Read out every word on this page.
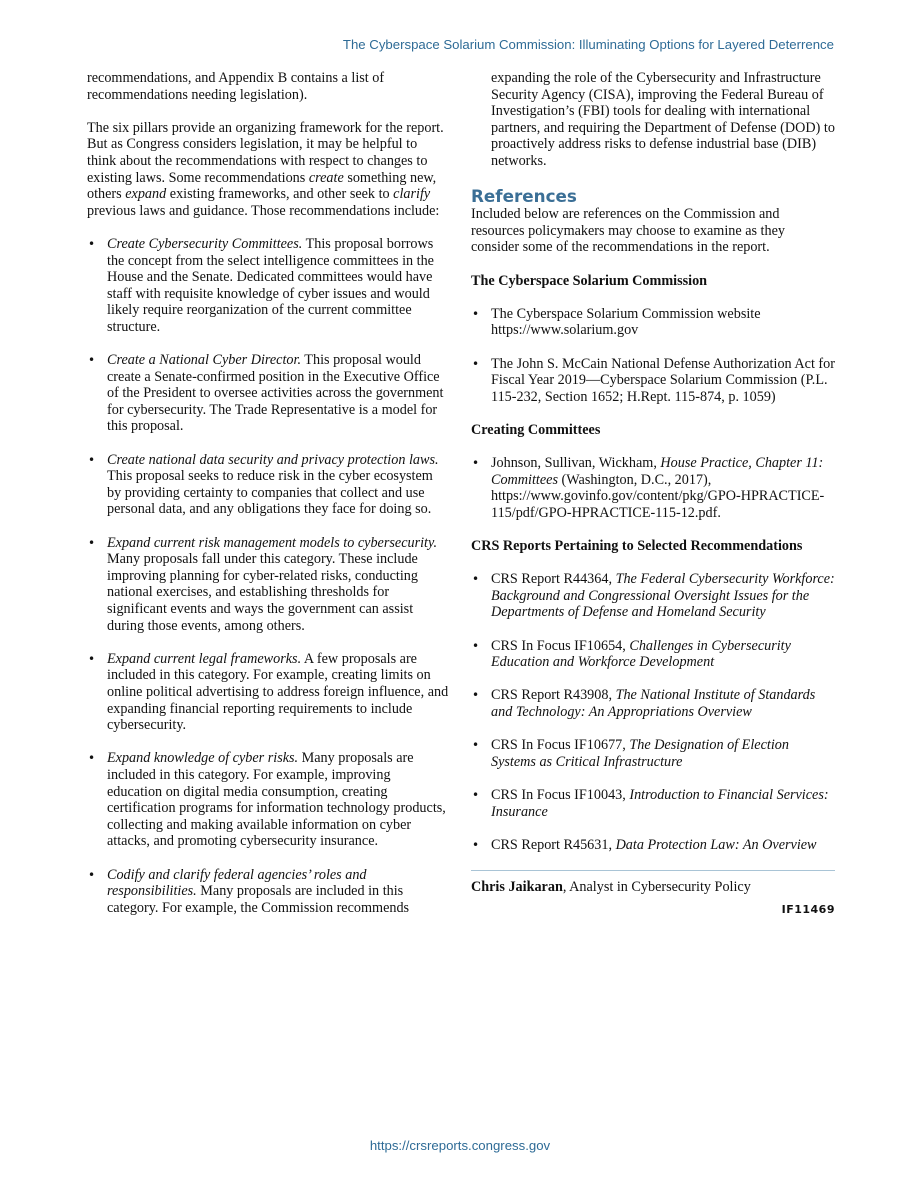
The Cyberspace Solarium Commission: Illuminating Options for Layered Deterrence

recommendations, and Appendix B contains a list of recommendations needing legislation).

The six pillars provide an organizing framework for the report. But as Congress considers legislation, it may be helpful to think about the recommendations with respect to changes to existing laws. Some recommendations create something new, others expand existing frameworks, and other seek to clarify previous laws and guidance. Those recommendations include:

• Create Cybersecurity Committees. This proposal borrows the concept from the select intelligence committees in the House and the Senate. Dedicated committees would have staff with requisite knowledge of cyber issues and would likely require reorganization of the current committee structure.
• Create a National Cyber Director. This proposal would create a Senate-confirmed position in the Executive Office of the President to oversee activities across the government for cybersecurity. The Trade Representative is a model for this proposal.
• Create national data security and privacy protection laws. This proposal seeks to reduce risk in the cyber ecosystem by providing certainty to companies that collect and use personal data, and any obligations they face for doing so.
• Expand current risk management models to cybersecurity. Many proposals fall under this category. These include improving planning for cyber-related risks, conducting national exercises, and establishing thresholds for significant events and ways the government can assist during those events, among others.
• Expand current legal frameworks. A few proposals are included in this category. For example, creating limits on online political advertising to address foreign influence, and expanding financial reporting requirements to include cybersecurity.
• Expand knowledge of cyber risks. Many proposals are included in this category. For example, improving education on digital media consumption, creating certification programs for information technology products, collecting and making available information on cyber attacks, and promoting cybersecurity insurance.
• Codify and clarify federal agencies’ roles and responsibilities. Many proposals are included in this category. For example, the Commission recommends

expanding the role of the Cybersecurity and Infrastructure Security Agency (CISA), improving the Federal Bureau of Investigation’s (FBI) tools for dealing with international partners, and requiring the Department of Defense (DOD) to proactively address risks to defense industrial base (DIB) networks.

References

Included below are references on the Commission and resources policymakers may choose to examine as they consider some of the recommendations in the report.

The Cyberspace Solarium Commission
• The Cyberspace Solarium Commission website https://www.solarium.gov
• The John S. McCain National Defense Authorization Act for Fiscal Year 2019—Cyberspace Solarium Commission (P.L. 115-232, Section 1652; H.Rept. 115-874, p. 1059)
Creating Committees
• Johnson, Sullivan, Wickham, House Practice, Chapter 11: Committees (Washington, D.C., 2017), https://www.govinfo.gov/content/pkg/GPO-HPRACTICE-115/pdf/GPO-HPRACTICE-115-12.pdf.
CRS Reports Pertaining to Selected Recommendations
• CRS Report R44364, The Federal Cybersecurity Workforce: Background and Congressional Oversight Issues for the Departments of Defense and Homeland Security
• CRS In Focus IF10654, Challenges in Cybersecurity Education and Workforce Development
• CRS Report R43908, The National Institute of Standards and Technology: An Appropriations Overview
• CRS In Focus IF10677, The Designation of Election Systems as Critical Infrastructure
• CRS In Focus IF10043, Introduction to Financial Services: Insurance
• CRS Report R45631, Data Protection Law: An Overview
Chris Jaikaran, Analyst in Cybersecurity Policy
IF11469
https://crsreports.congress.gov
